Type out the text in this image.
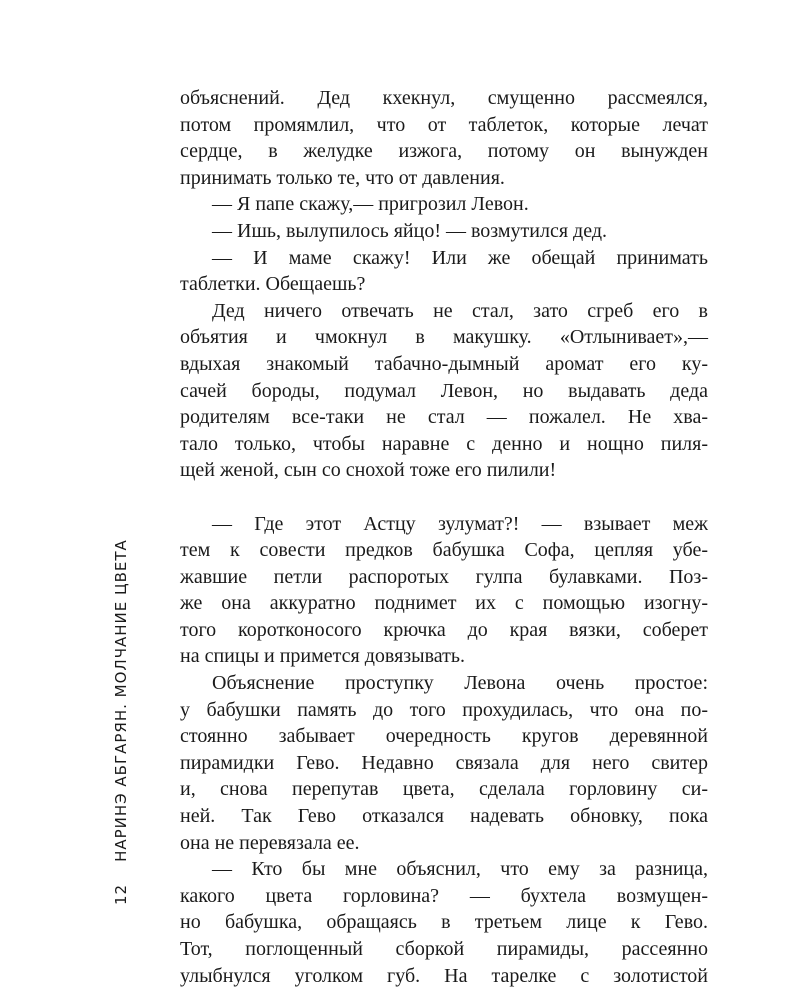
12НАРИНЭ АБГАРЯН. МОЛЧАНИЕ ЦВЕТА
объяснений. Дед кхекнул, смущенно рассмеялся,
потом промямлил, что от таблеток, которые лечат
сердце, в желудке изжога, потому он вынужден
принимать только те, что от давления.
— Я папе скажу,— пригрозил Левон.
— Ишь, вылупилось яйцо! — возмутился дед.
— И маме скажу! Или же обещай принимать
таблетки. Обещаешь?
Дед ничего отвечать не стал, зато сгреб его в
объятия и чмокнул в макушку. «Отлынивает»,—
вдыхая знакомый табачно-дымный аромат его ку-
сачей бороды, подумал Левон, но выдавать деда
родителям все-таки не стал — пожалел. Не хва-
тало только, чтобы наравне с денно и нощно пиля-
щей женой, сын со снохой тоже его пилили!
— Где этот Астцу зулумат?! — взывает меж
тем к совести предков бабушка Софа, цепляя убе-
жавшие петли распоротых гулпа булавками. Поз-
же она аккуратно поднимет их с помощью изогну-
того коротконосого крючка до края вязки, соберет
на спицы и примется довязывать.
Объяснение проступку Левона очень простое:
у бабушки память до того прохудилась, что она по-
стоянно забывает очередность кругов деревянной
пирамидки Гево. Недавно связала для него свитер
и, снова перепутав цвета, сделала горловину си-
ней. Так Гево отказался надевать обновку, пока
она не перевязала ее.
— Кто бы мне объяснил, что ему за разница,
какого цвета горловина? — бухтела возмущен-
но бабушка, обращаясь в третьем лице к Гево.
Тот, поглощенный сборкой пирамиды, рассеянно
улыбнулся уголком губ. На тарелке с золотистой
